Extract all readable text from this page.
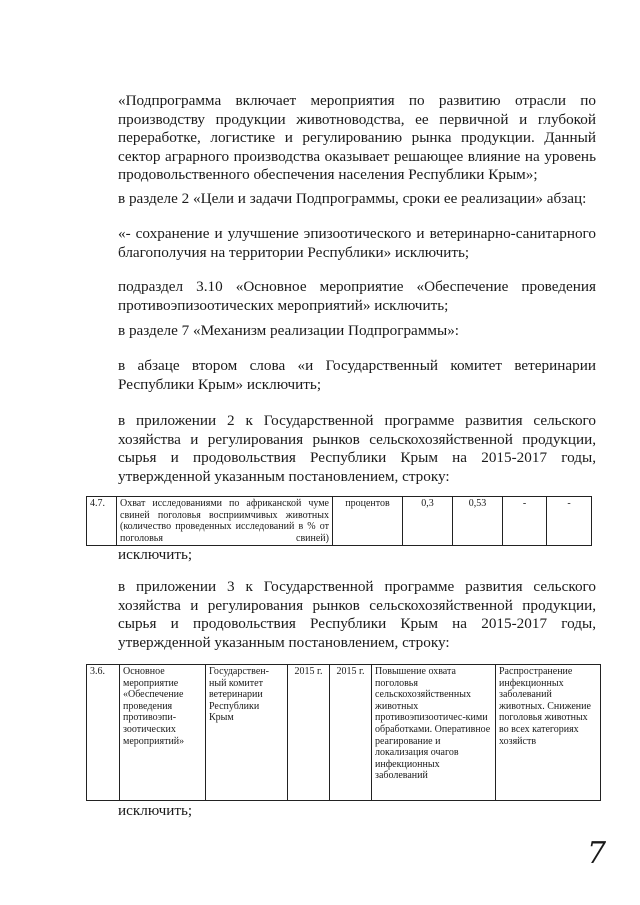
«Подпрограмма включает мероприятия по развитию отрасли по производству продукции животноводства, ее первичной и глубокой переработке, логистике и регулированию рынка продукции. Данный сектор аграрного производства оказывает решающее влияние на уровень продовольственного обеспечения населения Республики Крым»;
в разделе 2 «Цели и задачи Подпрограммы, сроки ее реализации» абзац:
«- сохранение и улучшение эпизоотического и ветеринарно-санитарного благополучия на территории Республики» исключить;
подраздел 3.10 «Основное мероприятие «Обеспечение проведения противоэпизоотических мероприятий» исключить;
в разделе 7 «Механизм реализации Подпрограммы»:
в абзаце втором слова «и Государственный комитет ветеринарии Республики Крым» исключить;
в приложении 2 к Государственной программе развития сельского хозяйства и регулирования рынков сельскохозяйственной продукции, сырья и продовольствия Республики Крым на 2015-2017 годы, утвержденной указанным постановлением, строку:
4.7.	Охват исследованиями по африканской чуме свиней поголовья восприимчивых животных (количество проведенных исследований в % от поголовья свиней)	процентов	0,3	0,53	-	-
исключить;
в приложении 3 к Государственной программе развития сельского хозяйства и регулирования рынков сельскохозяйственной продукции, сырья и продовольствия Республики Крым на 2015-2017 годы, утвержденной указанным постановлением, строку:
3.6.	Основное мероприятие «Обеспечение проведения противоэпи-зоотических мероприятий»	Государствен-ный комитет ветеринарии Республики Крым	2015 г.	2015 г.	Повышение охвата поголовья сельскохозяйственных животных противоэпизоотичес-кими обработками. Оперативное реагирование и локализация очагов инфекционных заболеваний	Распространение инфекционных заболеваний животных. Снижение поголовья животных во всех категориях хозяйств
исключить;
7
